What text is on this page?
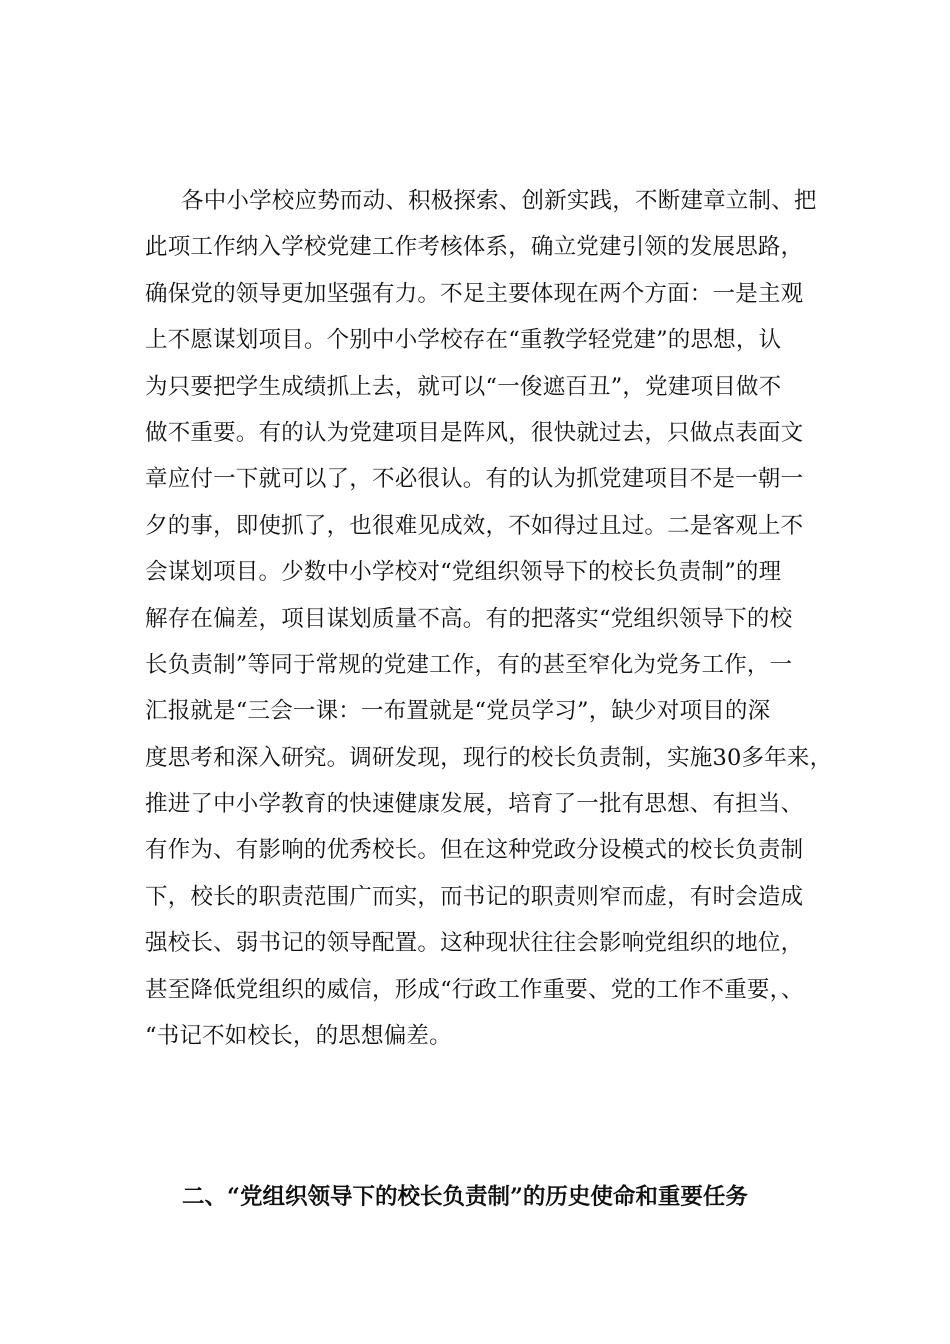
各中小学校应势而动、积极探索、创新实践，不断建章立制、把
此项工作纳入学校党建工作考核体系，确立党建引领的发展思路，
确保党的领导更加坚强有力。不足主要体现在两个方面：一是主观
上不愿谋划项目。个别中小学校存在“重教学轻党建”的思想，认
为只要把学生成绩抓上去，就可以“一俊遮百丑”，党建项目做不
做不重要。有的认为党建项目是阵风，很快就过去，只做点表面文
章应付一下就可以了，不必很认。有的认为抓党建项目不是一朝一
夕的事，即使抓了，也很难见成效，不如得过且过。二是客观上不
会谋划项目。少数中小学校对“党组织领导下的校长负责制”的理
解存在偏差，项目谋划质量不高。有的把落实“党组织领导下的校
长负责制”等同于常规的党建工作，有的甚至窄化为党务工作，一
汇报就是“三会一课：一布置就是“党员学习”，缺少对项目的深
度思考和深入研究。调研发现，现行的校长负责制，实施30多年来，
推进了中小学教育的快速健康发展，培育了一批有思想、有担当、
有作为、有影响的优秀校长。但在这种党政分设模式的校长负责制
下，校长的职责范围广而实，而书记的职责则窄而虚，有时会造成
强校长、弱书记的领导配置。这种现状往往会影响党组织的地位，
甚至降低党组织的威信，形成“行政工作重要、党的工作不重要，、
“书记不如校长，的思想偏差。
二、“党组织领导下的校长负责制”的历史使命和重要任务
